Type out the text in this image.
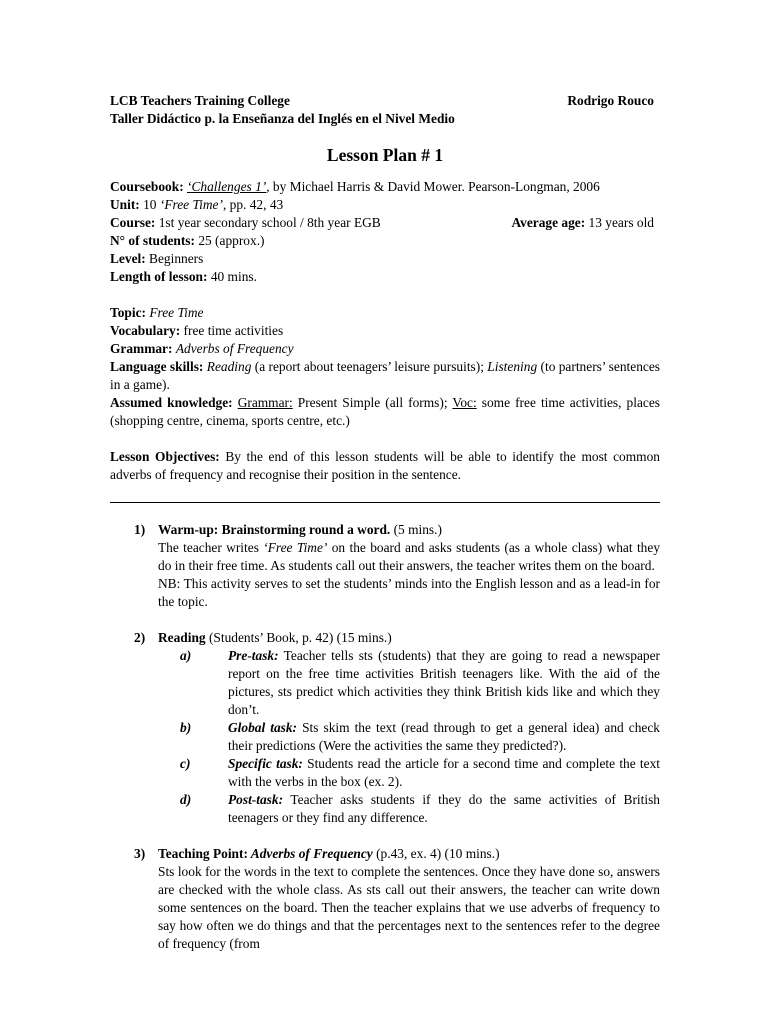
LCB Teachers Training College	Rodrigo Rouco
Taller Didáctico p. la Enseñanza del Inglés en el Nivel Medio
Lesson Plan # 1
Coursebook: ‘Challenges 1’, by Michael Harris & David Mower. Pearson-Longman, 2006
Unit: 10 ‘Free Time’, pp. 42, 43
Course: 1st year secondary school / 8th year EGB	Average age: 13 years old
N° of students: 25 (approx.)
Level: Beginners
Length of lesson: 40 mins.
Topic: Free Time
Vocabulary: free time activities
Grammar: Adverbs of Frequency
Language skills: Reading (a report about teenagers’ leisure pursuits); Listening (to partners’ sentences in a game).
Assumed knowledge: Grammar: Present Simple (all forms); Voc: some free time activities, places (shopping centre, cinema, sports centre, etc.)
Lesson Objectives: By the end of this lesson students will be able to identify the most common adverbs of frequency and recognise their position in the sentence.
1) Warm-up: Brainstorming round a word. (5 mins.)
The teacher writes ‘Free Time’ on the board and asks students (as a whole class) what they do in their free time. As students call out their answers, the teacher writes them on the board.
NB: This activity serves to set the students’ minds into the English lesson and as a lead-in for the topic.
2) Reading (Students’ Book, p. 42) (15 mins.)
a)	Pre-task: Teacher tells sts (students) that they are going to read a newspaper report on the free time activities British teenagers like. With the aid of the pictures, sts predict which activities they think British kids like and which they don’t.
b)	Global task: Sts skim the text (read through to get a general idea) and check their predictions (Were the activities the same they predicted?).
c)	Specific task: Students read the article for a second time and complete the text with the verbs in the box (ex. 2).
d)	Post-task: Teacher asks students if they do the same activities of British teenagers or they find any difference.
3) Teaching Point: Adverbs of Frequency (p.43, ex. 4) (10 mins.)
Sts look for the words in the text to complete the sentences. Once they have done so, answers are checked with the whole class. As sts call out their answers, the teacher can write down some sentences on the board. Then the teacher explains that we use adverbs of frequency to say how often we do things and that the percentages next to the sentences refer to the degree of frequency (from
